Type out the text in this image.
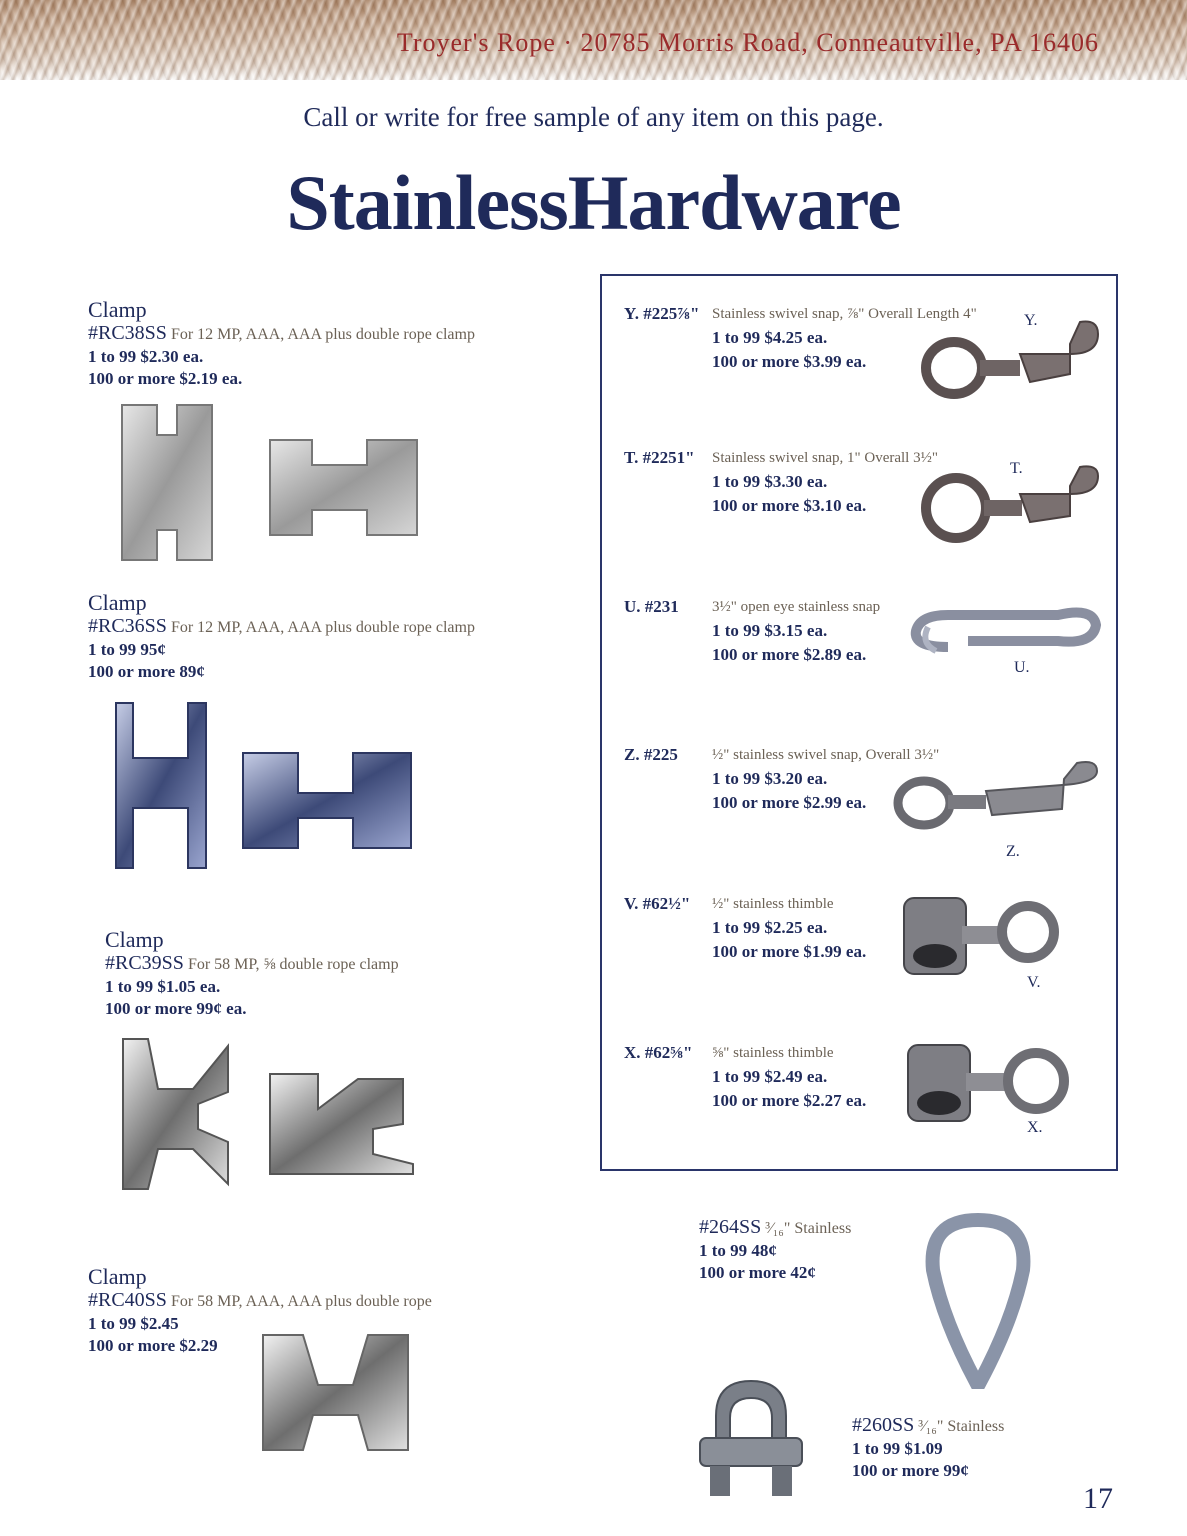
Troyer's Rope · 20785 Morris Road, Conneautville, PA 16406
Call or write for free sample of any item on this page.
StainlessHardware
Clamp
#RC38SS For 12 MP, AAA, AAA plus double rope clamp
1 to 99 $2.30 ea.
100 or more $2.19 ea.
Clamp
#RC36SS For 12 MP, AAA, AAA plus double rope clamp
1 to 99 95¢
100 or more 89¢
Clamp
#RC39SS For 58 MP, ⅝ double rope clamp
1 to 99 $1.05 ea.
100 or more 99¢ ea.
Clamp
#RC40SS For 58 MP, AAA, AAA plus double rope
1 to 99 $2.45
100 or more $2.29
Y. #225⅞" Stainless swivel snap, ⅞" Overall Length 4"
1 to 99 $4.25 ea.
100 or more $3.99 ea.
Y.
T. #2251" Stainless swivel snap, 1" Overall 3½"
1 to 99 $3.30 ea.
100 or more $3.10 ea.
T.
U. #231 3½" open eye stainless snap
1 to 99 $3.15 ea.
100 or more $2.89 ea.
U.
Z. #225 ½" stainless swivel snap, Overall 3½"
1 to 99 $3.20 ea.
100 or more $2.99 ea.
Z.
V. #62½" ½" stainless thimble
1 to 99 $2.25 ea.
100 or more $1.99 ea.
V.
X. #62⅝" ⅝" stainless thimble
1 to 99 $2.49 ea.
100 or more $2.27 ea.
X.
#264SS ³⁄₁₆" Stainless
1 to 99 48¢
100 or more 42¢
#260SS ³⁄₁₆" Stainless
1 to 99 $1.09
100 or more 99¢
17
